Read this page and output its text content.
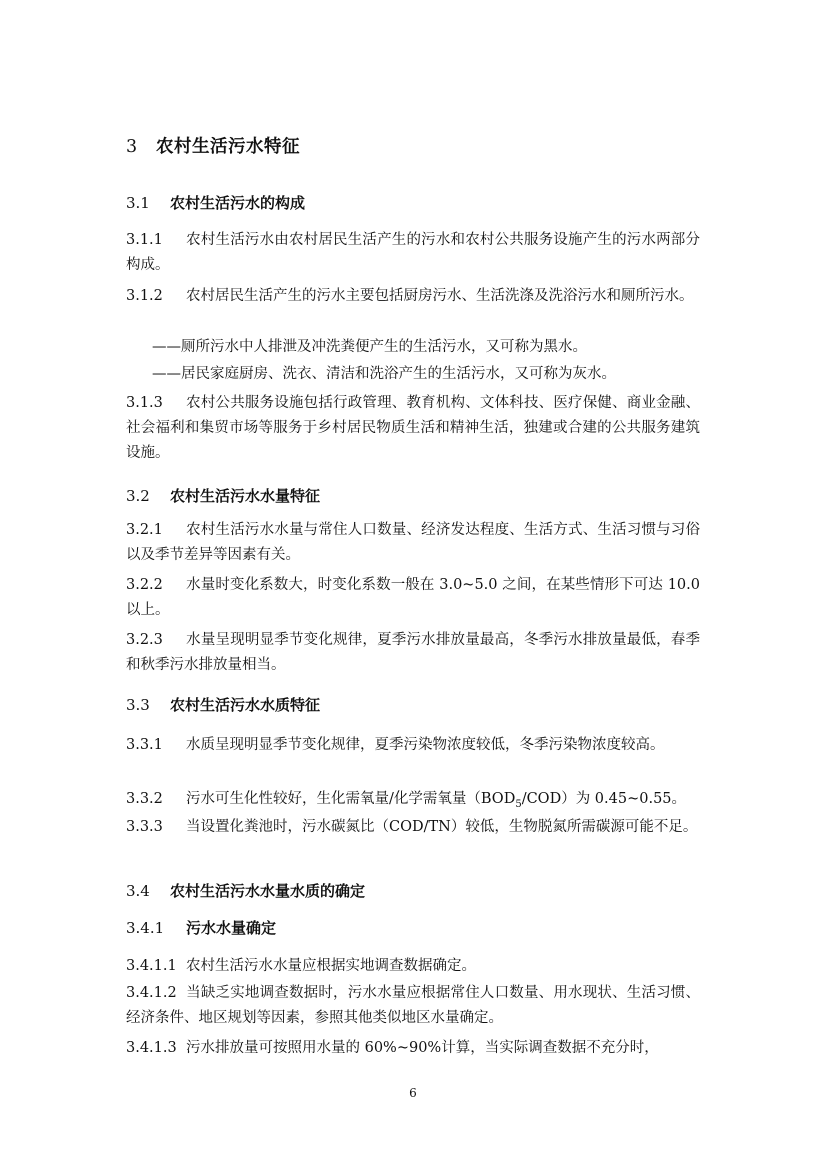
3 农村生活污水特征
3.1 农村生活污水的构成
3.1.1 农村生活污水由农村居民生活产生的污水和农村公共服务设施产生的污水两部分构成。
3.1.2 农村居民生活产生的污水主要包括厨房污水、生活洗涤及洗浴污水和厕所污水。
——厕所污水中人排泄及冲洗粪便产生的生活污水，又可称为黑水。
——居民家庭厨房、洗衣、清洁和洗浴产生的生活污水，又可称为灰水。
3.1.3 农村公共服务设施包括行政管理、教育机构、文体科技、医疗保健、商业金融、社会福利和集贸市场等服务于乡村居民物质生活和精神生活，独建或合建的公共服务建筑设施。
3.2 农村生活污水水量特征
3.2.1 农村生活污水水量与常住人口数量、经济发达程度、生活方式、生活习惯与习俗以及季节差异等因素有关。
3.2.2 水量时变化系数大，时变化系数一般在 3.0~5.0 之间，在某些情形下可达 10.0 以上。
3.2.3 水量呈现明显季节变化规律，夏季污水排放量最高，冬季污水排放量最低，春季和秋季污水排放量相当。
3.3 农村生活污水水质特征
3.3.1 水质呈现明显季节变化规律，夏季污染物浓度较低，冬季污染物浓度较高。
3.3.2 污水可生化性较好，生化需氧量/化学需氧量$(BOD_5/COD)$为 0.45~0.55。
3.3.3 当设置化粪池时，污水碳氮比（COD/TN）较低，生物脱氮所需碳源可能不足。
3.4 农村生活污水水量水质的确定
3.4.1 污水水量确定
3.4.1.1 农村生活污水水量应根据实地调查数据确定。
3.4.1.2 当缺乏实地调查数据时，污水水量应根据常住人口数量、用水现状、生活习惯、经济条件、地区规划等因素，参照其他类似地区水量确定。
3.4.1.3 污水排放量可按照用水量的 60%~90%计算，当实际调查数据不充分时，
6
